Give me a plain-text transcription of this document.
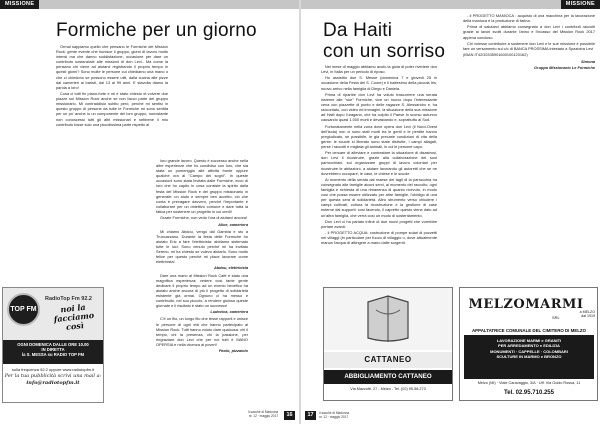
MISSIONE
Formiche per un giorno

Ormai sappiamo quello che pensano le Formiche del Mission Rock: gente evente che riunisce il gruppo, giorni di lavoro molto intensi ma che danno soddisfazione, occasione per dare un contributo sostanziale alle missioni di don Levi.. Ma come la pensano chi viene ad aiutarci registrando il proprio tempo in questi giorni? Sono molte le persone cui chiediamo una mano o che ci chiedono se possono essere utili, dalla cucina alle pizze dal camerieri ai baristi, dai 13 ai 99 anni. E stavolta diamo la parola a loro!

Cosa ci tutti fin piano-forte e mi è stato chiesto di volvere due piazze sul Mission Rock anche se non facco parte del gruppo missionario. Mi contraddisio subito però, perché mi sentisi in questo gruppo di persone da tutte le Formiche mi sono sentita per un po' anche io un componente del loro gruppo, nonostante non conoscessi tutti gli altri missionari e sebbene il mio contributo fosse solo una piccolissima parte rispetto al

loro grande lavoro. Questo è successo anche nella altre esperienze che ho condiviso con loro, che sia stata un pomeriggio alle attività fronte oppure qualche ora al "Campo dei sogni". In queste occasioni sono stata invitata dalle Formiche, ecco di loro che ho capito in cosa consiste la spirito dalla festa del Mission Rock e del gruppo missionario in generale: un aiuto e sempre ben accetto, ciò che conta è prevagare davvero, perché l'importante è collaborare per un obiettivo comune e dare tutta la fatica per sostenere un progetto in cui credi!

Grazie Formiche, non vedo l'ora di aiutarvi ancora!

Alice, cameriera

Mi chiamo Abdou, vengo dal Gambia e sto a Truccazzano. Durante la festa delle Formiche ho aiutato Eric a fare l'elettricista: abbiamo sistemato tutte le luci. Sono venuto perché mi ha invitato Sereno, mi ha chiesto se volevo aiutarlo. Sono molto felice per questo perché mi piace lavorare come elettricista!

Abdou, elettricista

Dare una mano al Mission Rock Café è stato una magnifica esperienza; vedere così tante gente dedicare il proprio tempo ad un evento benefico ha aiutato anche ancora di più il progetto di solidarietà esistente già ormai. Ognuno ci ha messo e contribuito, nel suo piccolo, a rendere gioioso queste giornate e il risultato è stato un successo!

Ludovica, cameriera

C'è un filo, un lungo filo che tesse rapporti e unisce le persone di ogni età che hanno partecipato al Mission Rock. Tutti hanno voluto dare qualcosa: chi il tempo, chi la presenza, chi la passione, per ringraziare don Levi che per noi tutti è MANO OPERSIA e nella vicenza ai poveri!

Paolo, pizzaiolo

TOP FM
RadioTop Fm 92.2
noi la facciamo così
OGNI DOMENICA DALLE ORE 10.00
IN DIRETTA
la S. MESSA su RADIO TOP FM
sulla frequenza 92.2 oppure www.radiotopfm.it
Per la tua pubblicità scrivi una mail a:
info@radiotopfm.it
Il sacchè di Madonna
nr. 12 · maggio 2017	16
MISSIONE
Da Haiti
con un sorriso

Nel mese di maggio abbiamo avuto la gioia di poter rivedere don Levi, in Italia per un periodo di riposo.

Ho assistito due S. Messe (domenica 7 e giovedì 25 in occasione della Festa del S. Cuore) e il battesimo della piccola Iris, nuovo arrivo nella famiglia di Diego e Daniela.

Prima di ripartire don Levi ha voluto trascorrere una serata insieme alle "sue" Formiche, vive un nuovo dopo l'interessante cena con piazzette di punto e delle ragazze S. Alessandro e, ha raccontato, con video ed immagini, la situazione della sua missione ad Haiti dopo l'uragano, che ha colpito il Paese lo scorso autunno causando quasi 1.000 morti e devastando e, soprattutto al Sud.

Fortunatamente nella zona dove opera don Levi (il Nord-Ovest dell'isola) non ci sono stati morti tra le genti e le perdite hanno pregiudicato, se possibile, le gia precarie condizioni di vita della gente: le scuole si liberato sono state distrutte, i campi allagati, perse i raccolti e migliaia gli animali, in cui le persone capo.

Per cercare di alleviare e contrastare la situazione di disastrosi, don Levi il ricostruire, grazie alla collaborazione dei suoi parrocchiani, sui organizzare gruppi di lavoro volontari per ricostruire le abitazioni, a aiutare lavorando gli autoretti che se ne dovrebbero occupare, le case, le chiese e le scuole.

Al momento della serata dal maese dei tagli di la parrocchia ha consegnato alle famiglie alcuni semi, al momento del raccolto, ogni famiglia e richiesta di una rimanenza di quanto ricevuto, in modo così che possa essere utilizzato per altre famiglie, l'obbligo di una per questa sera di solidarietà. Altro strumento verso chiudere i campi coltivati, coltura la ricostruzione e la gestione di case esterne dai supporti: così facendo, il capretto questo viene dato ad un'altra famiglia, che verrà così un modo di sostentamento.

Don Levi ci ha parlato infine di due nuovi progetti che vorrebbe portare avanti:

- il PROGETTO ACQUA: costruzione di pompe solari di pozzetti nei villaggi (in particolare per fuoco di villaggio o, dove attualmente manca l'acqua di attingere a mano dalle sorgenti.

- il PROGETTO MANIOCA : acquisto di una macchina per la lavorazione della manioca e la produzione di farina.

Prima di salutarci abbiamo consegnato a don Levi i contributi raccolti grazie ai lavori svolti durante l'anno e l'incasso del Mission Rock 2017 appena concluso.

Chi volesse contribuire a sostenere don Levi e le sue missione è possibile fare un versamento sul c/c di BANCA PROSSIMA intestato a Spaziotra Levi

(IBAN IT42G0335901600100120162)

Simona

Gruppo Missionario Le Formiche

CATTANEO
ABBIGLIAMENTO CATTANEO
Via Mazzotti, 27 - Melzo - Tel. (02) 95.58.273
MELZOMARMI
SRL
a MELZO
dal 1919
APPALTATRICE COMUNALE DEL CIMITERO DI MELZO
LAVORAZIONE MARMI e GRANITI
PER ARREDAMENTO e EDILIZIA
MONUMENTI · CAPPELLE · COLOMBARI
SCULTURE IN MARMO e BRONZO
Melzo (MI) · Viale Caravaggio, 3/A · Uff. Via Guido Rossa, 11
Tel. 02.95.710.255
17	Il sacchè di Madonna
nr. 12 · maggio 2017
